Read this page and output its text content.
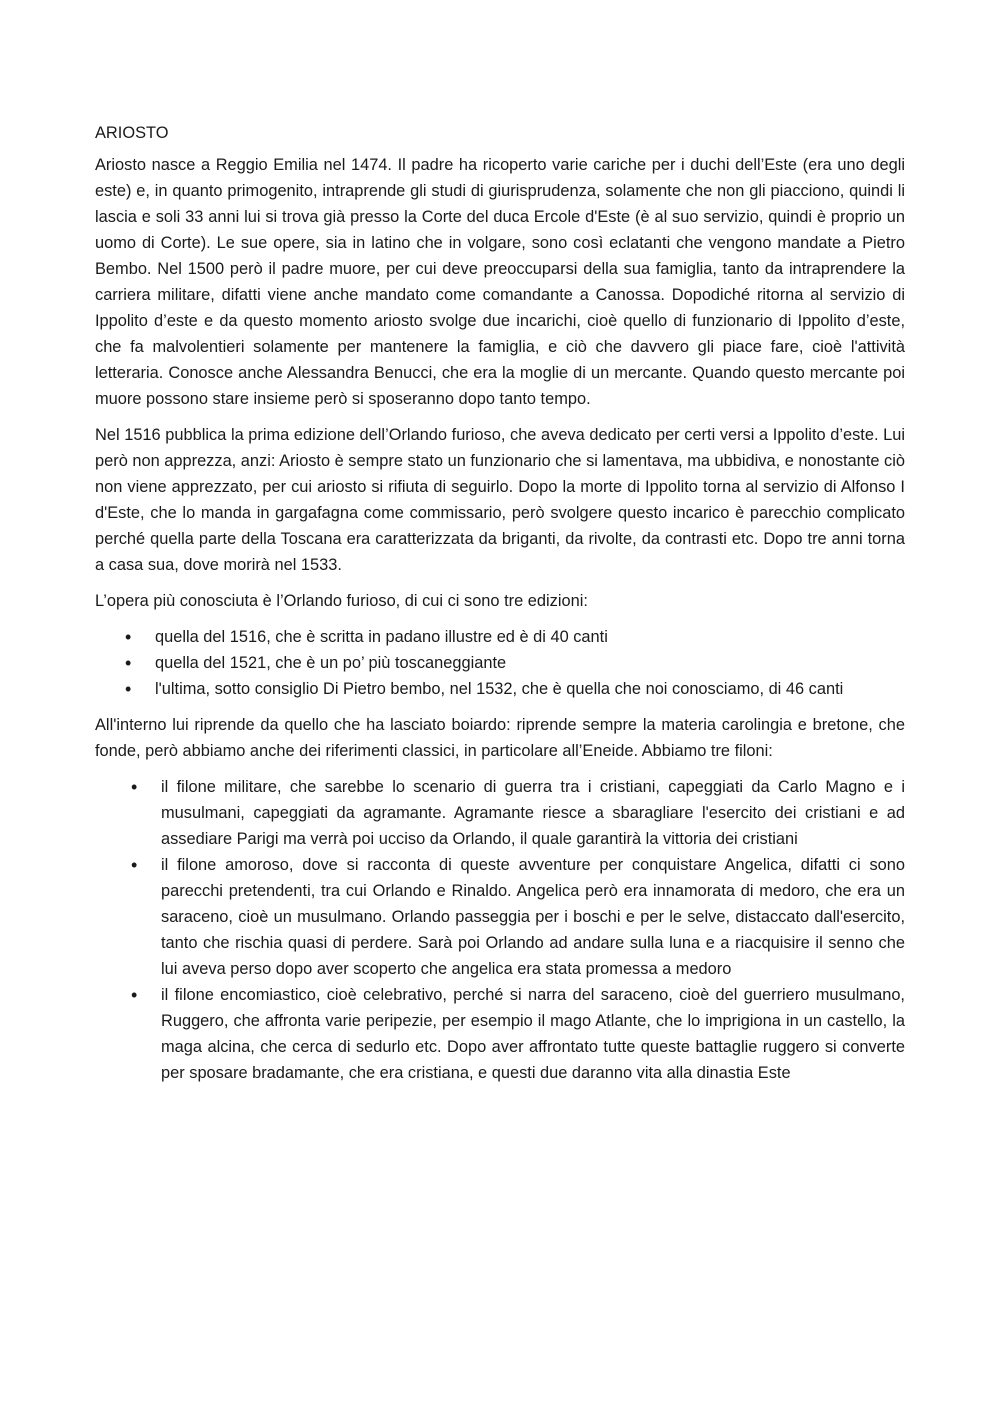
ARIOSTO

Ariosto nasce a Reggio Emilia nel 1474. Il padre ha ricoperto varie cariche per i duchi dell’Este (era uno degli este) e, in quanto primogenito, intraprende gli studi di giurisprudenza, solamente che non gli piacciono, quindi li lascia e soli 33 anni lui si trova già presso la Corte del duca Ercole d'Este (è al suo servizio, quindi è proprio un uomo di Corte). Le sue opere, sia in latino che in volgare, sono così eclatanti che vengono mandate a Pietro Bembo. Nel 1500 però il padre muore, per cui deve preoccuparsi della sua famiglia, tanto da intraprendere la carriera militare, difatti viene anche mandato come comandante a Canossa. Dopodiché ritorna al servizio di Ippolito d’este e da questo momento ariosto svolge due incarichi, cioè quello di funzionario di Ippolito d’este, che fa malvolentieri solamente per mantenere la famiglia, e ciò che davvero gli piace fare, cioè l'attività letteraria. Conosce anche Alessandra Benucci, che era la moglie di un mercante. Quando questo mercante poi muore possono stare insieme però si sposeranno dopo tanto tempo.

Nel 1516 pubblica la prima edizione dell’Orlando furioso, che aveva dedicato per certi versi a Ippolito d’este. Lui però non apprezza, anzi: Ariosto è sempre stato un funzionario che si lamentava, ma ubbidiva, e nonostante ciò non viene apprezzato, per cui ariosto si rifiuta di seguirlo. Dopo la morte di Ippolito torna al servizio di Alfonso I d'Este, che lo manda in gargafagna come commissario, però svolgere questo incarico è parecchio complicato perché quella parte della Toscana era caratterizzata da briganti, da rivolte, da contrasti etc. Dopo tre anni torna a casa sua, dove morirà nel 1533.

L’opera più conosciuta è l’Orlando furioso, di cui ci sono tre edizioni:

• quella del 1516, che è scritta in padano illustre ed è di 40 canti
• quella del 1521, che è un po’ più toscaneggiante
• l'ultima, sotto consiglio Di Pietro bembo, nel 1532, che è quella che noi conosciamo, di 46 canti

All'interno lui riprende da quello che ha lasciato boiardo: riprende sempre la materia carolingia e bretone, che fonde, però abbiamo anche dei riferimenti classici, in particolare all’Eneide. Abbiamo tre filoni:

• il filone militare, che sarebbe lo scenario di guerra tra i cristiani, capeggiati da Carlo Magno e i musulmani, capeggiati da agramante. Agramante riesce a sbaragliare l'esercito dei cristiani e ad assediare Parigi ma verrà poi ucciso da Orlando, il quale garantirà la vittoria dei cristiani
• il filone amoroso, dove si racconta di queste avventure per conquistare Angelica, difatti ci sono parecchi pretendenti, tra cui Orlando e Rinaldo. Angelica però era innamorata di medoro, che era un saraceno, cioè un musulmano. Orlando passeggia per i boschi e per le selve, distaccato dall'esercito, tanto che rischia quasi di perdere. Sarà poi Orlando ad andare sulla luna e a riacquisire il senno che lui aveva perso dopo aver scoperto che angelica era stata promessa a medoro
• il filone encomiastico, cioè celebrativo, perché si narra del saraceno, cioè del guerriero musulmano, Ruggero, che affronta varie peripezie, per esempio il mago Atlante, che lo imprigiona in un castello, la maga alcina, che cerca di sedurlo etc. Dopo aver affrontato tutte queste battaglie ruggero si converte per sposare bradamante, che era cristiana, e questi due daranno vita alla dinastia Este
